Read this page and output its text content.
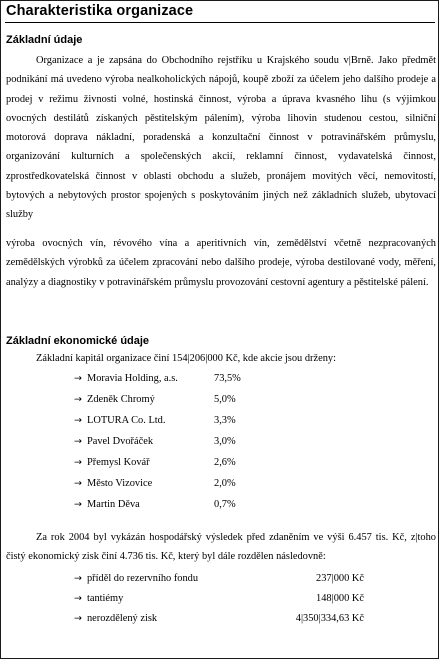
Charakteristika organizace
Základní údaje

Organizace a je zapsána do Obchodního rejstříku u Krajského soudu v|Brně. Jako předmět podnikání má uvedeno výroba nealkoholických nápojů, koupě zboží za účelem jeho dalšího prodeje a prodej v režimu živnosti volné, hostinská činnost, výroba a úprava kvasného lihu (s výjimkou ovocných destilátů získaných pěstitelským pálením), výroba lihovin studenou cestou, silniční motorová doprava nákladní, poradenská a konzultační činnost v potravinářském průmyslu, organizování kulturních a společenských akcií, reklamní činnost, vydavatelská činnost, zprostředkovatelská činnost v oblasti obchodu a služeb, pronájem movitých věcí, nemovitostí, bytových a nebytových prostor spojených s poskytováním jiných než základních služeb, ubytovací služby

výroba ovocných vín, révového vína a aperitivních vín, zemědělství včetně nezpracovaných zemědělských výrobků za účelem zpracování nebo dalšího prodeje, výroba destilované vody, měření, analýzy a diagnostiky v potravinářském průmyslu provozování cestovní agentury a pěstitelské pálení.

Základní ekonomické údaje
Základní kapitál organizace činí 154|206|000 Kč, kde akcie jsou drženy:
→ Moravia Holding, a.s.	73,5%
→ Zdeněk Chromý	5,0%
→ LOTURA Co. Ltd.	3,3%
→ Pavel Dvořáček	3,0%
→ Přemysl Kovář	2,6%
→ Město Vizovice	2,0%
→ Martin Děva	0,7%

Za rok 2004 byl vykázán hospodářský výsledek před zdaněním ve výši 6.457 tis. Kč, z|toho čistý ekonomický zisk činí 4.736 tis. Kč, který byl dále rozdělen následovně:

→ příděl do rezervního fondu	237|000 Kč
→ tantiémy	148|000 Kč
→ nerozdělený zisk	4|350|334,63 Kč
